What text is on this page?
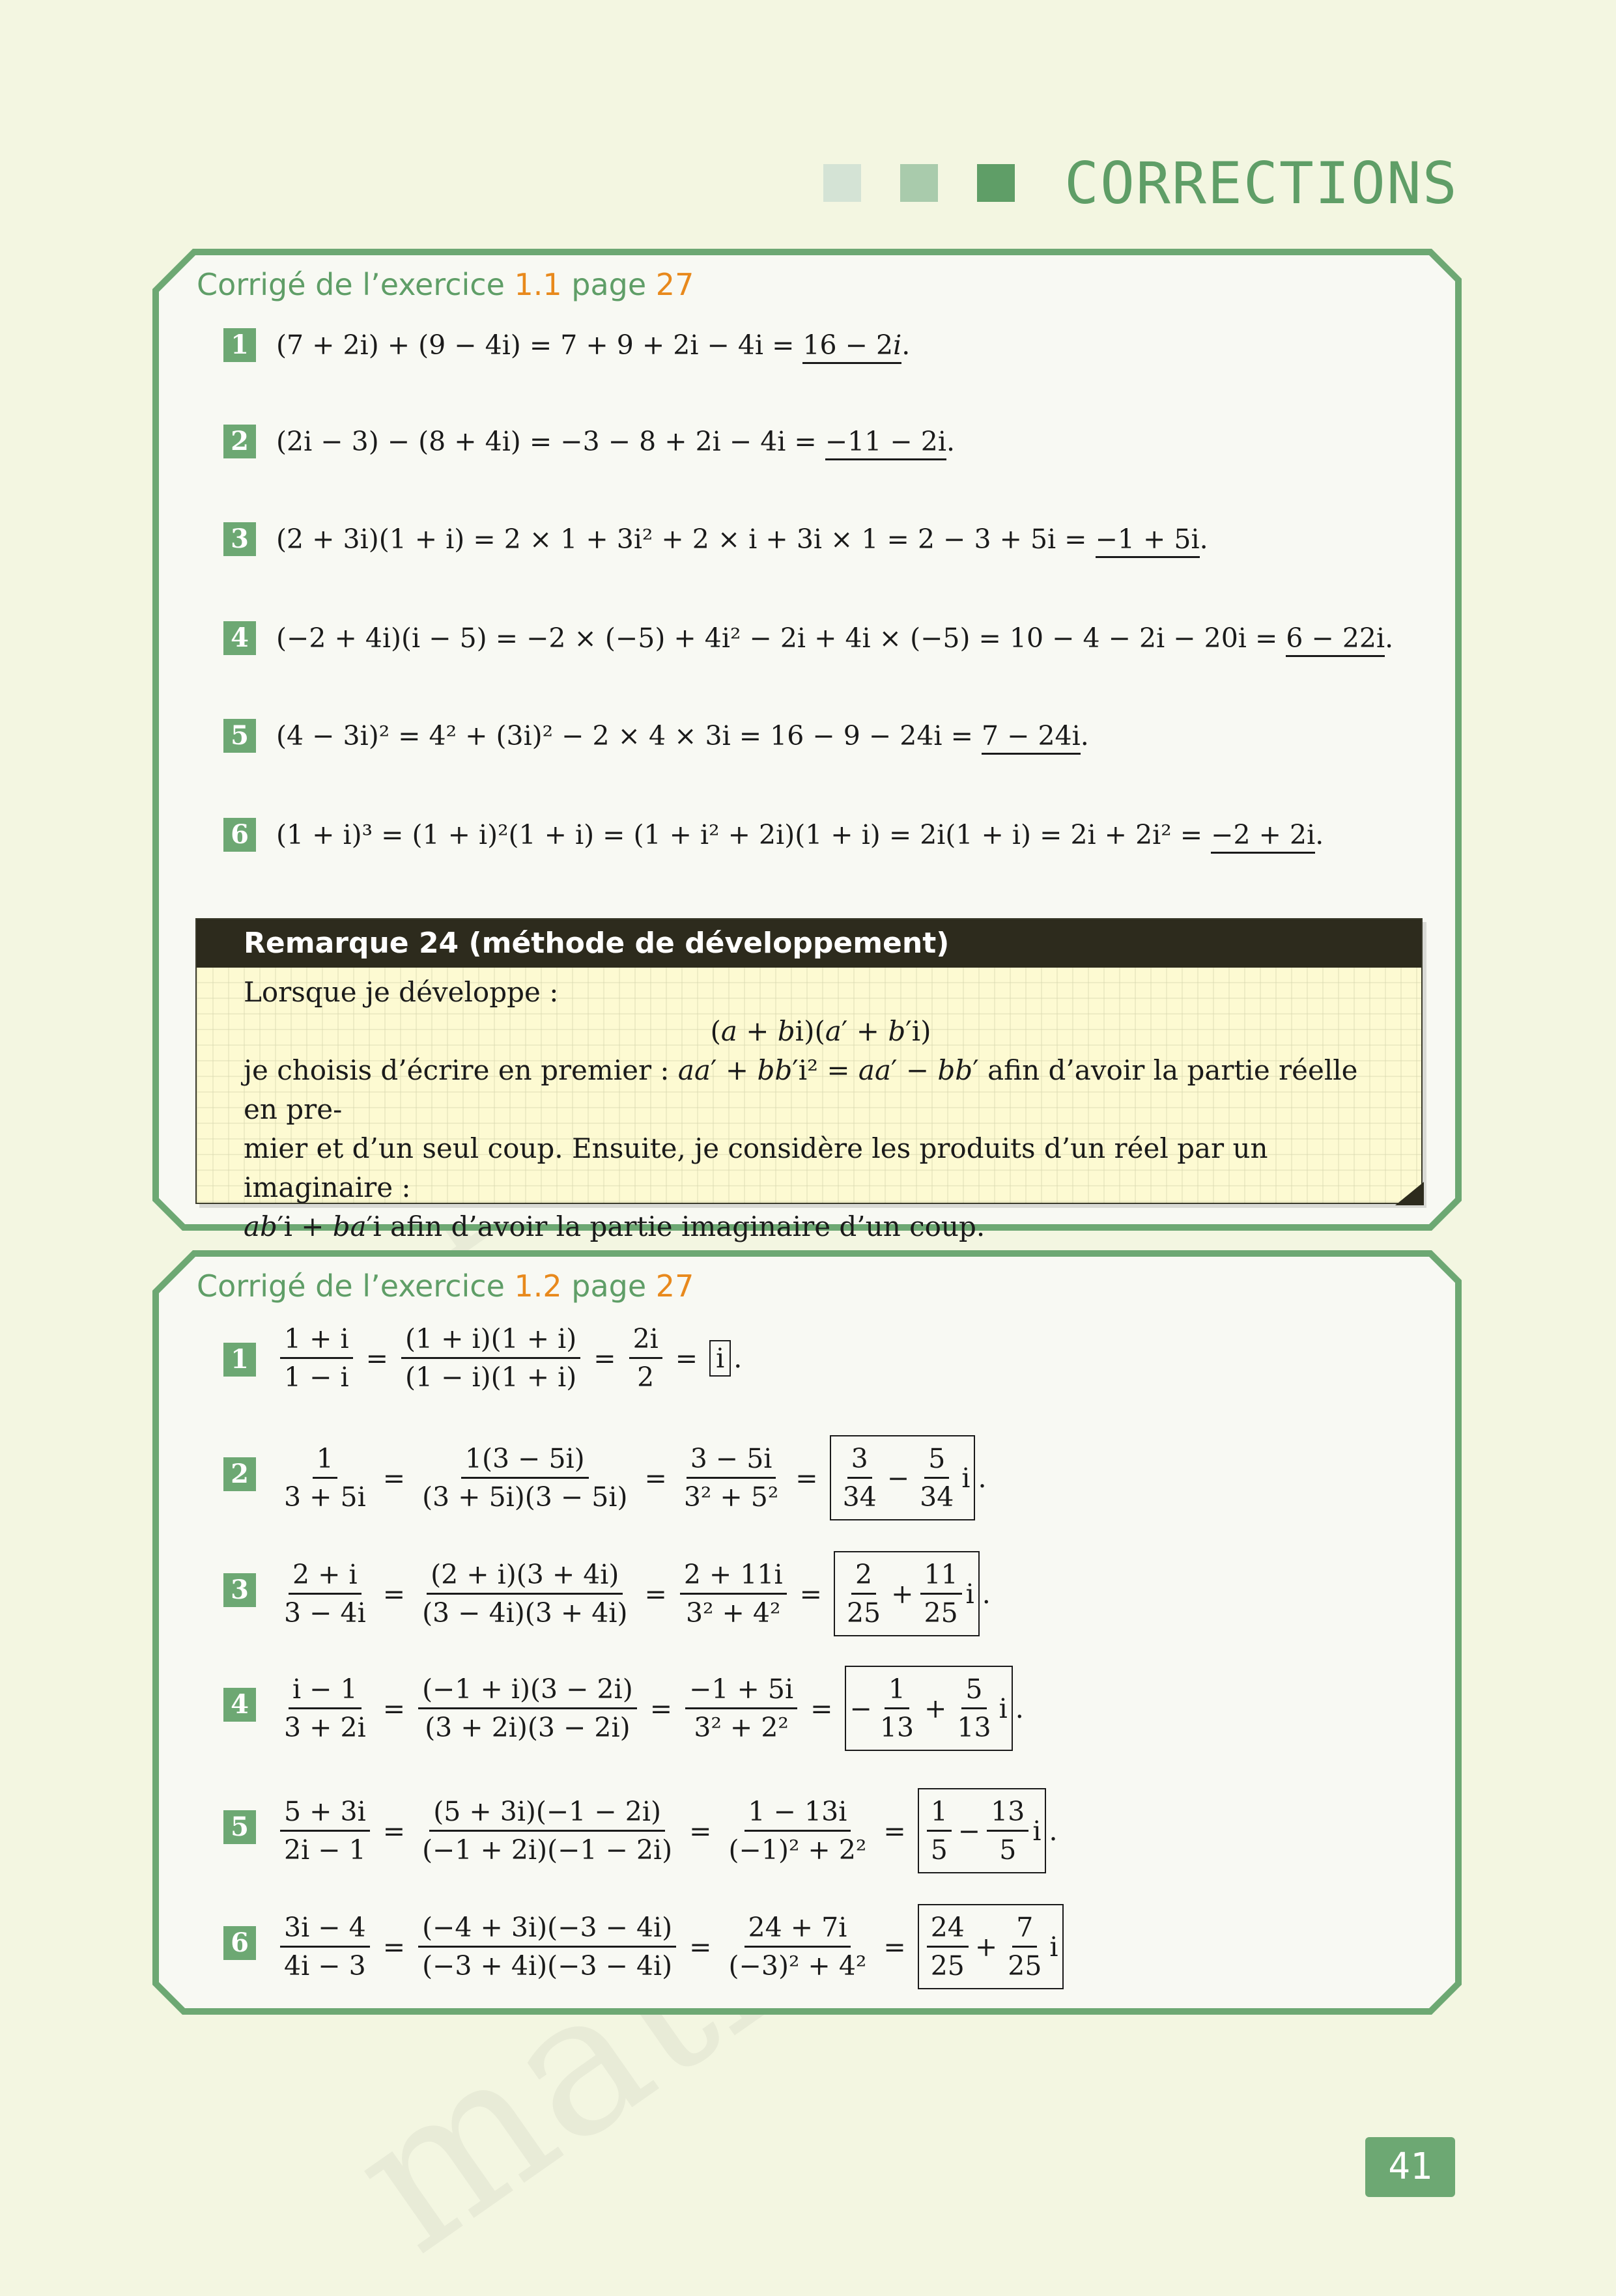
CORRECTIONS
Corrigé de l’exercice 1.1 page 27
1 (7 + 2i) + (9 − 4i) = 7 + 9 + 2i − 4i = 16 − 2𝑖.
2 (2i − 3) − (8 + 4i) = −3 − 8 + 2i − 4i = −11 − 2i.
3 (2 + 3i)(1 + i) = 2 × 1 + 3i² + 2 × i + 3i × 1 = 2 − 3 + 5i = −1 + 5i.
4 (−2 + 4i)(i − 5) = −2 × (−5) + 4i² − 2i + 4i × (−5) = 10 − 4 − 2i − 20i = 6 − 22i.
5 (4 − 3i)² = 4² + (3i)² − 2 × 4 × 3i = 16 − 9 − 24i = 7 − 24i.
6 (1 + i)³ = (1 + i)²(1 + i) = (1 + i² + 2i)(1 + i) = 2i(1 + i) = 2i + 2i² = −2 + 2i.
Remarque 24 (méthode de développement)
Lorsque je développe :
(𝑎 + 𝑏i)(𝑎′ + 𝑏′i)
je choisis d’écrire en premier : 𝑎𝑎′ + 𝑏𝑏′i² = 𝑎𝑎′ − 𝑏𝑏′ afin d’avoir la partie réelle en pre-
mier et d’un seul coup. Ensuite, je considère les produits d’un réel par un imaginaire :
𝑎𝑏′i + 𝑏𝑎′i afin d’avoir la partie imaginaire d’un coup.
Corrigé de l’exercice 1.2 page 27
$1 \frac{1 + i}{1 - i} = \frac{(1 + i)(1 + i)}{(1 - i)(1 + i)} = \frac{2i}{2} = i$ .
$2 \frac{1}{3 + 5i} = \frac{1(3 - 5i)}{(3 + 5i)(3 - 5i)} = \frac{3 - 5i}{\text{3² + 5²}} = \frac{3}{34} - \frac{5}{34}$ i .
$3 \frac{2 + i}{3 - 4i} = \frac{(2 + i)(3 + 4i)}{(3 - 4i)(3 + 4i)} = \frac{2 + 11i}{\text{3² + 4²}} = \frac{2}{25} + \frac{11}{25}$ i .
$4 \frac{i - 1}{3 + 2i} = \frac{(-1 + i)(3 - 2i)}{(3 + 2i)(3 - 2i)} = \frac{-1 + 5i}{\text{3² + 2²}}$ = − $\frac{1}{13} + \frac{5}{13}$ i .
$5 \frac{5 + 3i}{2i - 1} = \frac{(5 + 3i)(-1 - 2i)}{(-1 + 2i)(-1 - 2i)} = \frac{1 - 13i}{\text{(−1)² + 2²}} = \frac{1}{5} - \frac{13}{5}$ i .
$6 \frac{3i - 4}{4i - 3} = \frac{(-4 + 3i)(-3 - 4i)}{(-3 + 4i)(-3 - 4i)} = \frac{24 + 7i}{\text{(−3)² + 4²}} = \frac{24}{25} + \frac{7}{25}$ i
41
